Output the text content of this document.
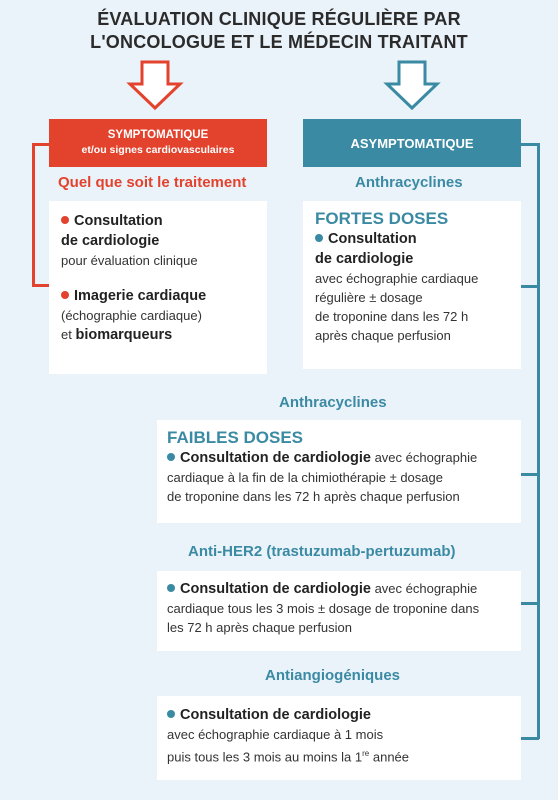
ÉVALUATION CLINIQUE RÉGULIÈRE PAR
L'ONCOLOGUE ET LE MÉDECIN TRAITANT
SYMPTOMATIQUE
et/ou signes cardiovasculaires	ASYMPTOMATIQUE
Quel que soit le traitement
Consultation
de cardiologie
pour évaluation clinique
Imagerie cardiaque
(échographie cardiaque)
et biomarqueurs
Anthracyclines
FORTES DOSES
Consultation
de cardiologie
avec échographie cardiaque
régulière ± dosage
de troponine dans les 72 h
après chaque perfusion
Anthracyclines
FAIBLES DOSES
Consultation de cardiologie avec échographie
cardiaque à la fin de la chimiothérapie ± dosage
de troponine dans les 72 h après chaque perfusion
Anti-HER2 (trastuzumab-pertuzumab)
Consultation de cardiologie avec échographie
cardiaque tous les 3 mois ± dosage de troponine dans
les 72 h après chaque perfusion
Antiangiogéniques
Consultation de cardiologie
avec échographie cardiaque à 1 mois
puis tous les 3 mois au moins la 1re année
